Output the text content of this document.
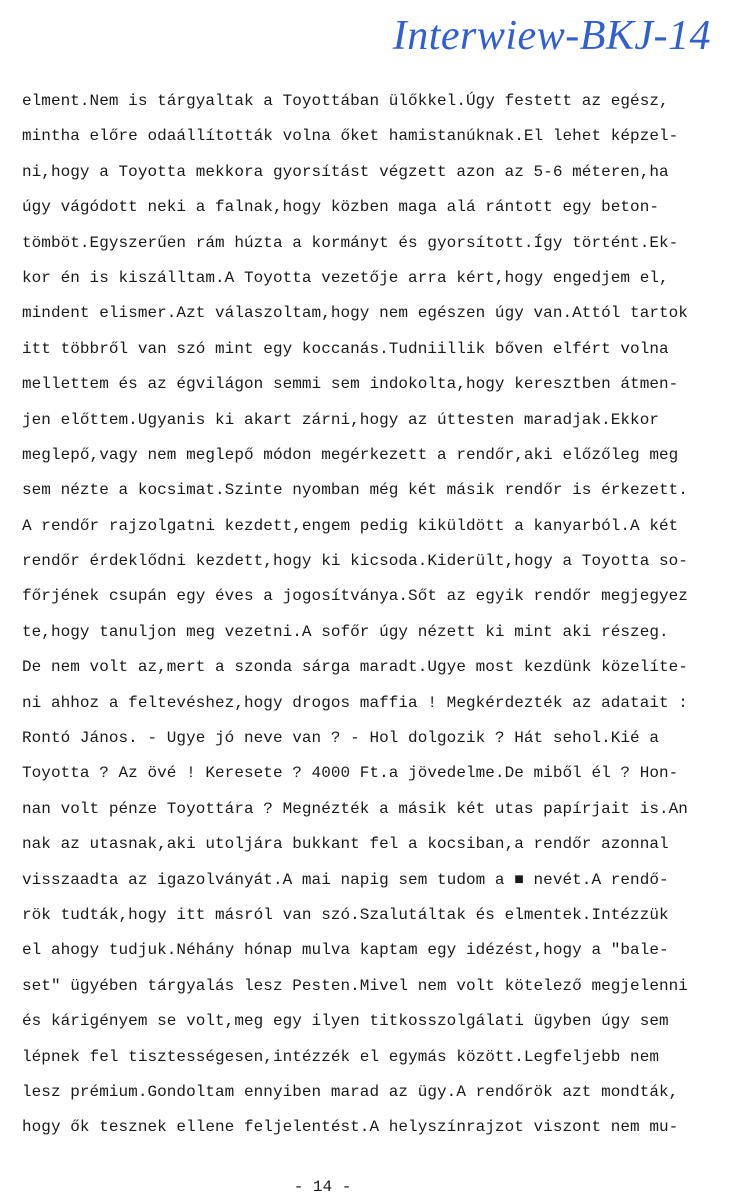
Interwiew-BKJ-14
elment.Nem is tárgyaltak a Toyottában ülőkkel.Úgy festett az egész,
mintha előre odaállították volna őket hamistanúknak.El lehet képzel-
ni,hogy a Toyotta mekkora gyorsítást végzett azon az 5-6 méteren,ha
úgy vágódott neki a falnak,hogy közben maga alá rántott egy beton-
tömböt.Egyszerűen rám húzta a kormányt és gyorsított.Így történt.Ek-
kor én is kiszálltam.A Toyotta vezetője arra kért,hogy engedjem el,
mindent elismer.Azt válaszoltam,hogy nem egészen úgy van.Attól tartok
itt többről van szó mint egy koccanás.Tudniillik bőven elfért volna
mellettem és az égvilágon semmi sem indokolta,hogy keresztben átmen-
jen előttem.Ugyanis ki akart zárni,hogy az úttesten maradjak.Ekkor
meglepő,vagy nem meglepő módon megérkezett a rendőr,aki előzőleg meg
sem nézte a kocsimat.Szinte nyomban még két másik rendőr is érkezett.
A rendőr rajzolgatni kezdett,engem pedig kiküldött a kanyarból.A két
rendőr érdeklődni kezdett,hogy ki kicsoda.Kiderült,hogy a Toyotta so-
főrjének csupán egy éves a jogosítványa.Sőt az egyik rendőr megjegyez
te,hogy tanuljon meg vezetni.A sofőr úgy nézett ki mint aki részeg.
De nem volt az,mert a szonda sárga maradt.Ugye most kezdünk közelíte-
ni ahhoz a feltevéshez,hogy drogos maffia ! Megkérdezték az adatait :
Rontó János. - Ugye jó neve van ? - Hol dolgozik ? Hát sehol.Kié a
Toyotta ? Az övé ! Keresete ? 4000 Ft.a jövedelme.De miből él ? Hon-
nan volt pénze Toyottára ? Megnézték a másik két utas papírjait is.An
nak az utasnak,aki utoljára bukkant fel a kocsiban,a rendőr azonnal
visszaadta az igazolványát.A mai napig sem tudom a ■ nevét.A rendő-
rök tudták,hogy itt másról van szó.Szalutáltak és elmentek.Intézzük
el ahogy tudjuk.Néhány hónap mulva kaptam egy idézést,hogy a "bale-
set" ügyében tárgyalás lesz Pesten.Mivel nem volt kötelező megjelenni
és kárigényem se volt,meg egy ilyen titkosszolgálati ügyben úgy sem
lépnek fel tisztességesen,intézzék el egymás között.Legfeljebb nem
lesz prémium.Gondoltam ennyiben marad az ügy.A rendőrök azt mondták,
hogy ők tesznek ellene feljelentést.A helyszínrajzot viszont nem mu-
- 14 -
